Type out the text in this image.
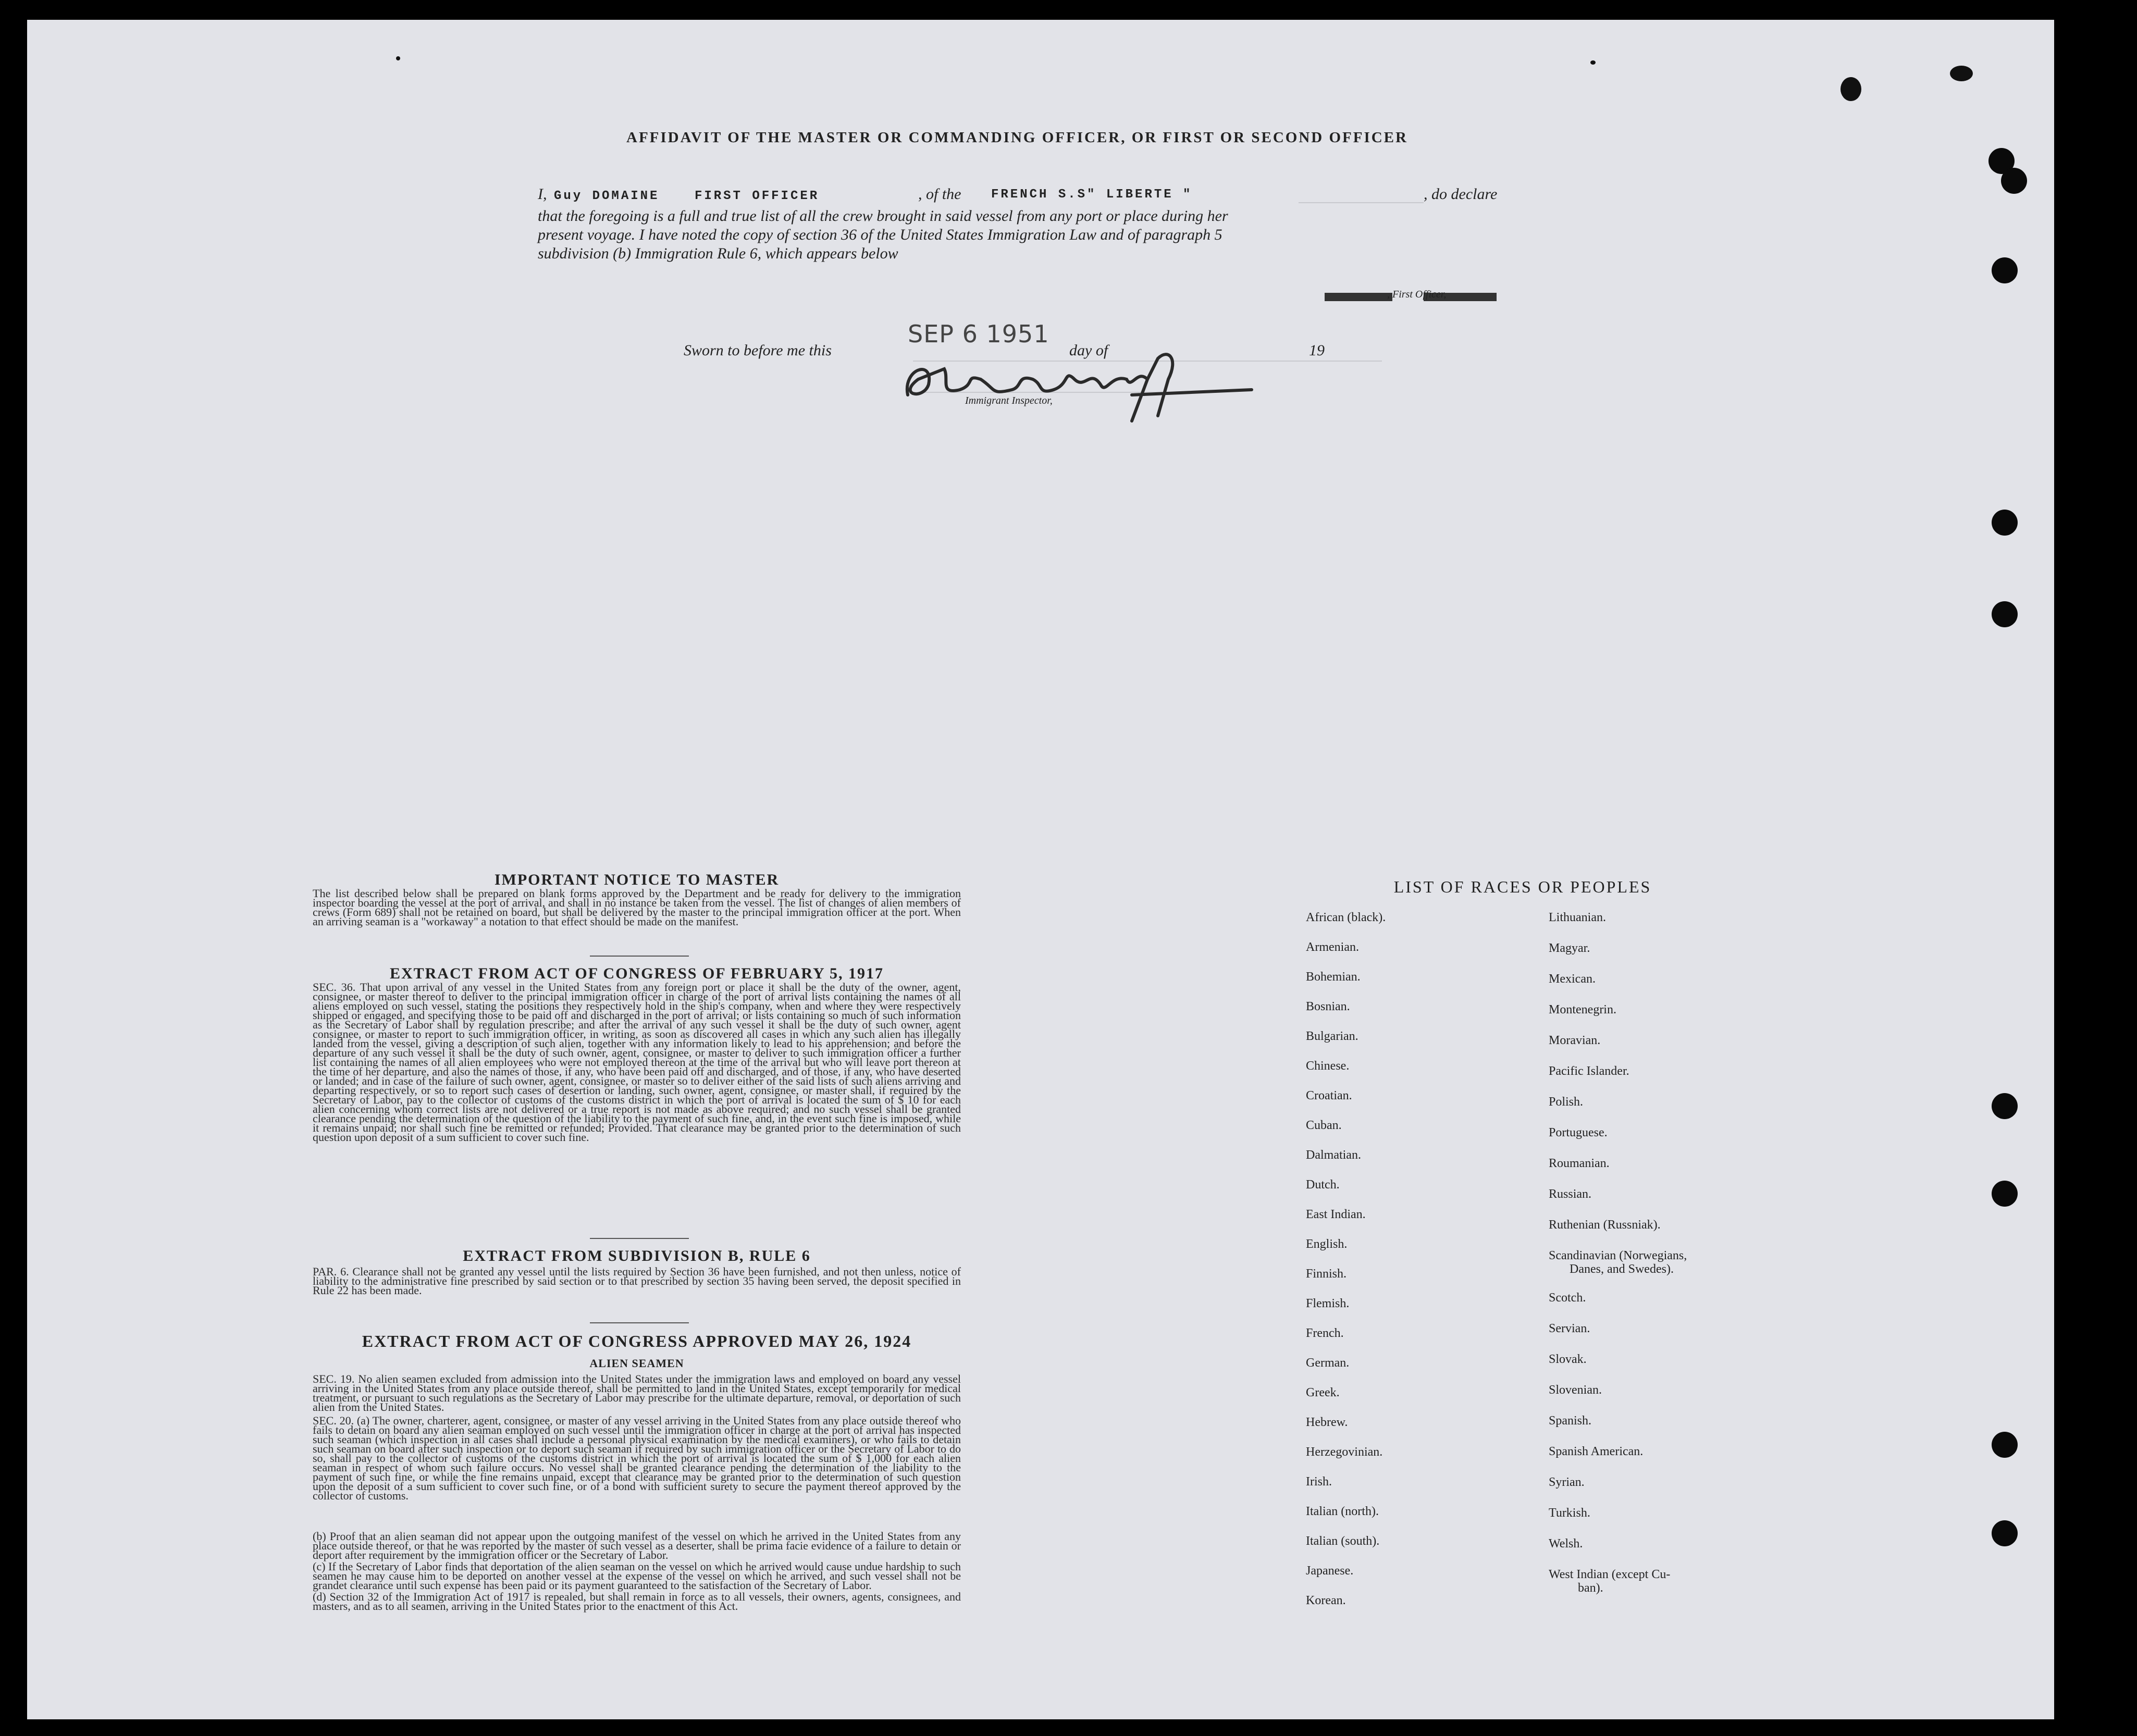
AFFIDAVIT OF THE MASTER OR COMMANDING OFFICER, OR FIRST OR SECOND OFFICER
I, Guy DOMAINE	FIRST OFFICER	, of the FRENCH S.S" LIBERTE "	, do declare
that the foregoing is a full and true list of all the crew brought in said vessel from any port or place during her
present voyage. I have noted the copy of section 36 of the United States Immigration Law and of paragraph 5
subdivision (b) Immigration Rule 6, which appears below
, First Officer,
Sworn to before me this
SEP 6 1951
day of	19
Immigrant Inspector,
IMPORTANT NOTICE TO MASTER
The list described below shall be prepared on blank forms approved by the Department and be ready for delivery to the immigration inspector boarding the vessel at the port of arrival, and shall in no instance be taken from the vessel. The list of changes of alien members of crews (Form 689) shall not be retained on board, but shall be delivered by the master to the principal immigration officer at the port. When an arriving seaman is a "workaway" a notation to that effect should be made on the manifest.
EXTRACT FROM ACT OF CONGRESS OF FEBRUARY 5, 1917
SEC. 36. That upon arrival of any vessel in the United States from any foreign port or place it shall be the duty of the owner, agent, consignee, or master thereof to deliver to the principal immigration officer in charge of the port of arrival lists containing the names of all aliens employed on such vessel, stating the positions they respectively hold in the ship's company, when and where they were respectively shipped or engaged, and specifying those to be paid off and discharged in the port of arrival; or lists containing so much of such information as the Secretary of Labor shall by regulation prescribe; and after the arrival of any such vessel it shall be the duty of such owner, agent consignee, or master to report to such immigration officer, in writing, as soon as discovered all cases in which any such alien has illegally landed from the vessel, giving a description of such alien, together with any information likely to lead to his apprehension; and before the departure of any such vessel it shall be the duty of such owner, agent, consignee, or master to deliver to such immigration officer a further list containing the names of all alien employees who were not employed thereon at the time of the arrival but who will leave port thereon at the time of her departure, and also the names of those, if any, who have been paid off and discharged, and of those, if any, who have deserted or landed; and in case of the failure of such owner, agent, consignee, or master so to deliver either of the said lists of such aliens arriving and departing respectively, or so to report such cases of desertion or landing, such owner, agent, consignee, or master shall, if required by the Secretary of Labor, pay to the collector of customs of the customs district in which the port of arrival is located the sum of $ 10 for each alien concerning whom correct lists are not delivered or a true report is not made as above required; and no such vessel shall be granted clearance pending the determination of the question of the liability to the payment of such fine, and, in the event such fine is imposed, while it remains unpaid; nor shall such fine be remitted or refunded; Provided. That clearance may be granted prior to the determination of such question upon deposit of a sum sufficient to cover such fine.
EXTRACT FROM SUBDIVISION B, RULE 6
PAR. 6. Clearance shall not be granted any vessel until the lists required by Section 36 have been furnished, and not then unless, notice of liability to the administrative fine prescribed by said section or to that prescribed by section 35 having been served, the deposit specified in Rule 22 has been made.
EXTRACT FROM ACT OF CONGRESS APPROVED MAY 26, 1924
ALIEN SEAMEN
SEC. 19. No alien seamen excluded from admission into the United States under the immigration laws and employed on board any vessel arriving in the United States from any place outside thereof, shall be permitted to land in the United States, except temporarily for medical treatment, or pursuant to such regulations as the Secretary of Labor may prescribe for the ultimate departure, removal, or deportation of such alien from the United States.
SEC. 20. (a) The owner, charterer, agent, consignee, or master of any vessel arriving in the United States from any place outside thereof who fails to detain on board any alien seaman employed on such vessel until the immigration officer in charge at the port of arrival has inspected such seaman (which inspection in all cases shall include a personal physical examination by the medical examiners), or who fails to detain such seaman on board after such inspection or to deport such seaman if required by such immigration officer or the Secretary of Labor to do so, shall pay to the collector of customs of the customs district in which the port of arrival is located the sum of $ 1,000 for each alien seaman in respect of whom such failure occurs. No vessel shall be granted clearance pending the determination of the liability to the payment of such fine, or while the fine remains unpaid, except that clearance may be granted prior to the determination of such question upon the deposit of a sum sufficient to cover such fine, or of a bond with sufficient surety to secure the payment thereof approved by the collector of customs.
(b) Proof that an alien seaman did not appear upon the outgoing manifest of the vessel on which he arrived in the United States from any place outside thereof, or that he was reported by the master of such vessel as a deserter, shall be prima facie evidence of a failure to detain or deport after requirement by the immigration officer or the Secretary of Labor.
(c) If the Secretary of Labor finds that deportation of the alien seaman on the vessel on which he arrived would cause undue hardship to such seamen he may cause him to be deported on another vessel at the expense of the vessel on which he arrived, and such vessel shall not be grandet clearance until such expense has been paid or its payment guaranteed to the satisfaction of the Secretary of Labor.
(d) Section 32 of the Immigration Act of 1917 is repealed, but shall remain in force as to all vessels, their owners, agents, consignees, and masters, and as to all seamen, arriving in the United States prior to the enactment of this Act.
LIST OF RACES OR PEOPLES
African (black).
Armenian.
Bohemian.
Bosnian.
Bulgarian.
Chinese.
Croatian.
Cuban.
Dalmatian.
Dutch.
East Indian.
English.
Finnish.
Flemish.
French.
German.
Greek.
Hebrew.
Herzegovinian.
Irish.
Italian (north).
Italian (south).
Japanese.
Korean.
Lithuanian.
Magyar.
Mexican.
Montenegrin.
Moravian.
Pacific Islander.
Polish.
Portuguese.
Roumanian.
Russian.
Ruthenian (Russniak).
Scandinavian (Norwegians,
Danes, and Swedes).
Scotch.
Servian.
Slovak.
Slovenian.
Spanish.
Spanish American.
Syrian.
Turkish.
Welsh.
West Indian (except Cu-
ban).
